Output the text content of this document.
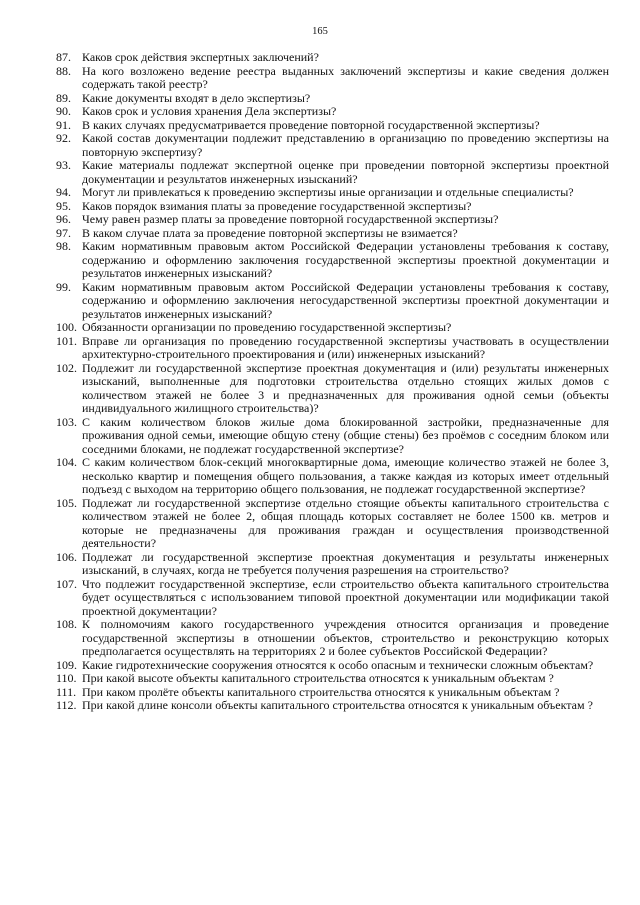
165
87. Каков срок действия экспертных заключений?
88. На кого возложено ведение реестра выданных заключений экспертизы и какие сведения должен содержать такой реестр?
89. Какие документы входят в дело экспертизы?
90. Каков срок и условия хранения Дела экспертизы?
91. В каких случаях предусматривается проведение повторной государственной экспертизы?
92. Какой состав документации подлежит представлению в организацию по проведению экспертизы на повторную экспертизу?
93. Какие материалы подлежат экспертной оценке при проведении повторной экспертизы проектной документации и результатов инженерных изысканий?
94. Могут ли привлекаться к проведению экспертизы иные организации и отдельные специалисты?
95. Каков порядок взимания платы за проведение государственной экспертизы?
96. Чему равен размер платы за проведение повторной государственной экспертизы?
97. В каком случае плата за проведение повторной экспертизы не взимается?
98. Каким нормативным правовым актом Российской Федерации установлены требования к составу, содержанию и оформлению заключения государственной экспертизы проектной документации и результатов инженерных изысканий?
99. Каким нормативным правовым актом Российской Федерации установлены требования к составу, содержанию и оформлению заключения негосударственной экспертизы проектной документации и результатов инженерных изысканий?
100. Обязанности организации по проведению государственной экспертизы?
101. Вправе ли организация по проведению государственной экспертизы участвовать в осуществлении архитектурно-строительного проектирования и (или) инженерных изысканий?
102. Подлежит ли государственной экспертизе проектная документация и (или) результаты инженерных изысканий, выполненные для подготовки строительства отдельно стоящих жилых домов с количеством этажей не более 3 и предназначенных для проживания одной семьи (объекты индивидуального жилищного строительства)?
103. С каким количеством блоков жилые дома блокированной застройки, предназначенные для проживания одной семьи, имеющие общую стену (общие стены) без проёмов с соседним блоком или соседними блоками, не подлежат государственной экспертизе?
104. С каким количеством блок-секций многоквартирные дома, имеющие количество этажей не более 3, несколько квартир и помещения общего пользования, а также каждая из которых имеет отдельный подъезд с выходом на территорию общего пользования, не подлежат государственной экспертизе?
105. Подлежат ли государственной экспертизе отдельно стоящие объекты капитального строительства с количеством этажей не более 2, общая площадь которых составляет не более 1500 кв. метров и которые не предназначены для проживания граждан и осуществления производственной деятельности?
106. Подлежат ли государственной экспертизе проектная документация и результаты инженерных изысканий, в случаях, когда не требуется получения разрешения на строительство?
107. Что подлежит государственной экспертизе, если строительство объекта капитального строительства будет осуществляться с использованием типовой проектной документации или модификации такой проектной документации?
108. К полномочиям какого государственного учреждения относится организация и проведение государственной экспертизы в отношении объектов, строительство и реконструкцию которых предполагается осуществлять на территориях 2 и более субъектов Российской Федерации?
109. Какие гидротехнические сооружения относятся к особо опасным и технически сложным объектам?
110. При какой высоте объекты капитального строительства относятся к уникальным объектам ?
111. При каком пролёте объекты капитального строительства относятся к уникальным объектам ?
112. При какой длине консоли объекты капитального строительства относятся к уникальным объектам ?
